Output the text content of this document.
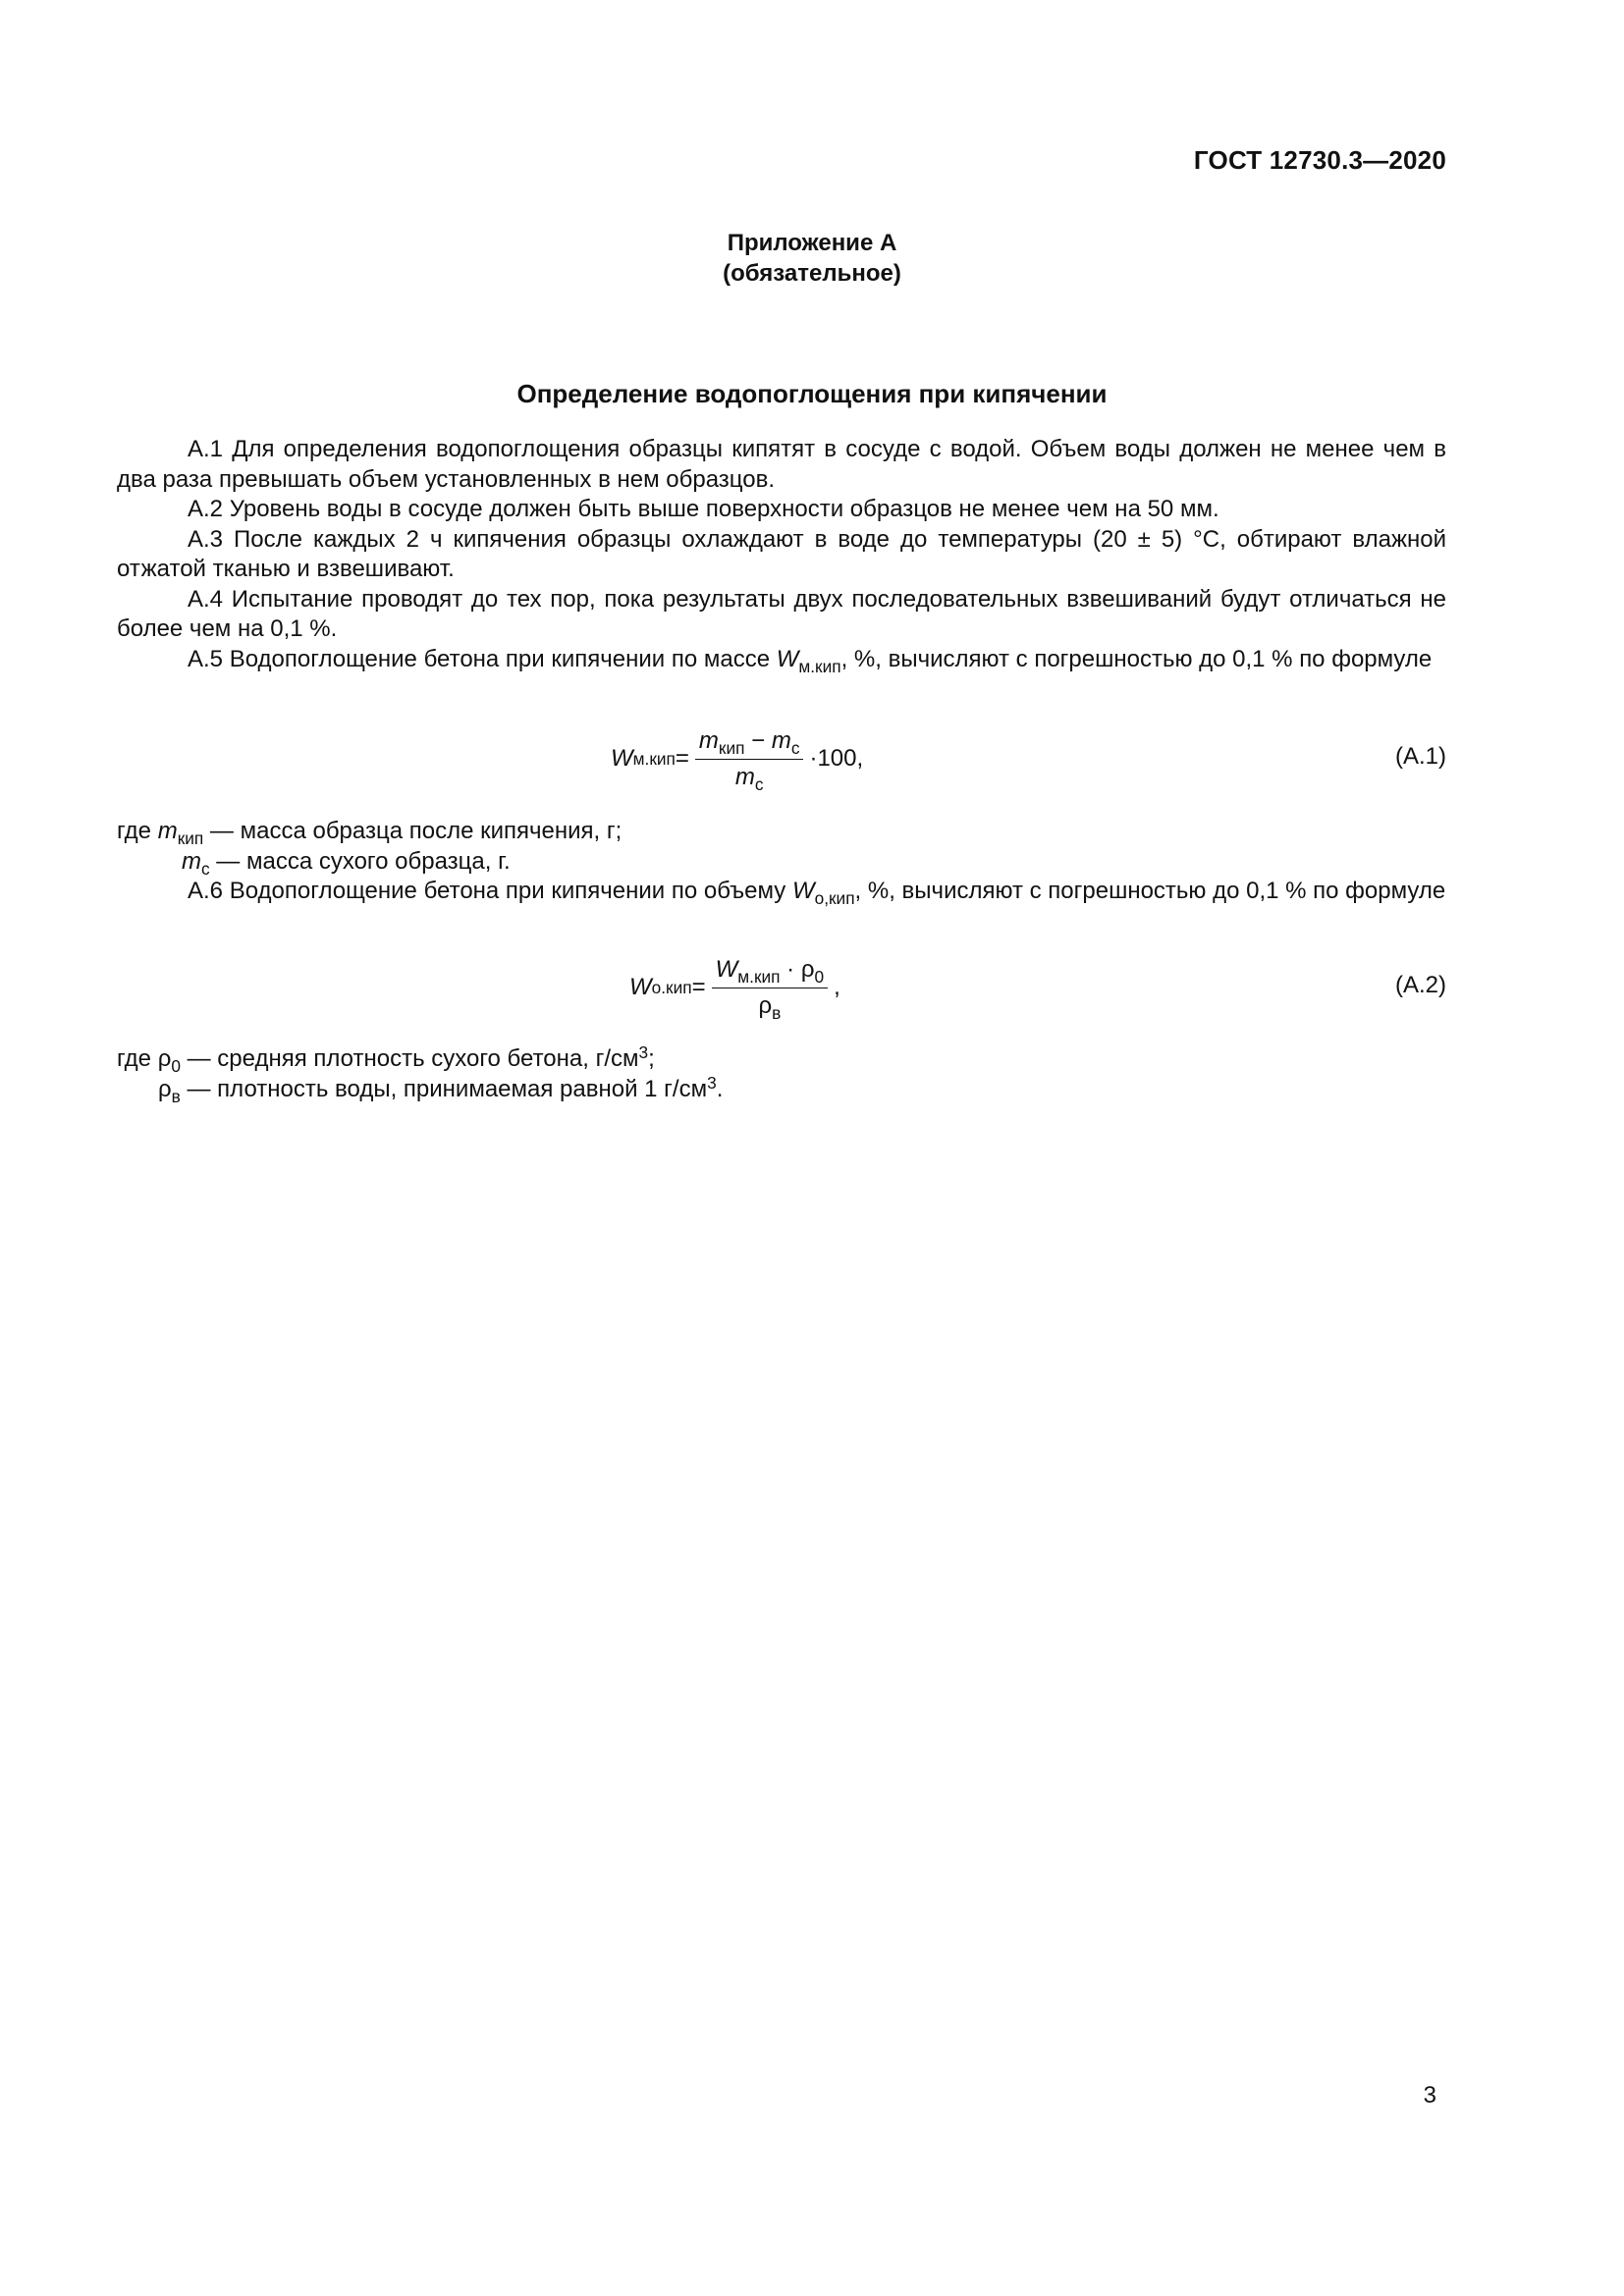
ГОСТ 12730.3—2020
Приложение А
(обязательное)
Определение водопоглощения при кипячении

А.1 Для определения водопоглощения образцы кипятят в сосуде с водой. Объем воды должен не менее чем в два раза превышать объем установленных в нем образцов.

А.2 Уровень воды в сосуде должен быть выше поверхности образцов не менее чем на 50 мм.

А.3 После каждых 2 ч кипячения образцы охлаждают в воде до температуры (20 ± 5) °С, обтирают влажной отжатой тканью и взвешивают.

А.4 Испытание проводят до тех пор, пока результаты двух последовательных взвешиваний будут отличаться не более чем на 0,1 %.

А.5 Водопоглощение бетона при кипячении по массе $W_{м.кип}$, %, вычисляют с погрешностью до 0,1 % по формуле

W $м.кип = \frac{m_{кип} - m_с}{m_с} \cdot 100$,	(А.1)
где $m_{кип}$ — масса образца после кипячения, г;
$m_с$ — масса сухого образца, г.

А.6 Водопоглощение бетона при кипячении по объему $W_{о,кип}$, %, вычисляют с погрешностью до 0,1 % по формуле

W $о.кип = \frac{W_{м.кип} \cdot \rho_0}{\rho_в}$ ,	(А.2)
где $\rho_0$ — средняя плотность сухого бетона, $г/см^3$;
$\rho_в$ — плотность воды, принимаемая равной 1 $г/см^3$.
3
